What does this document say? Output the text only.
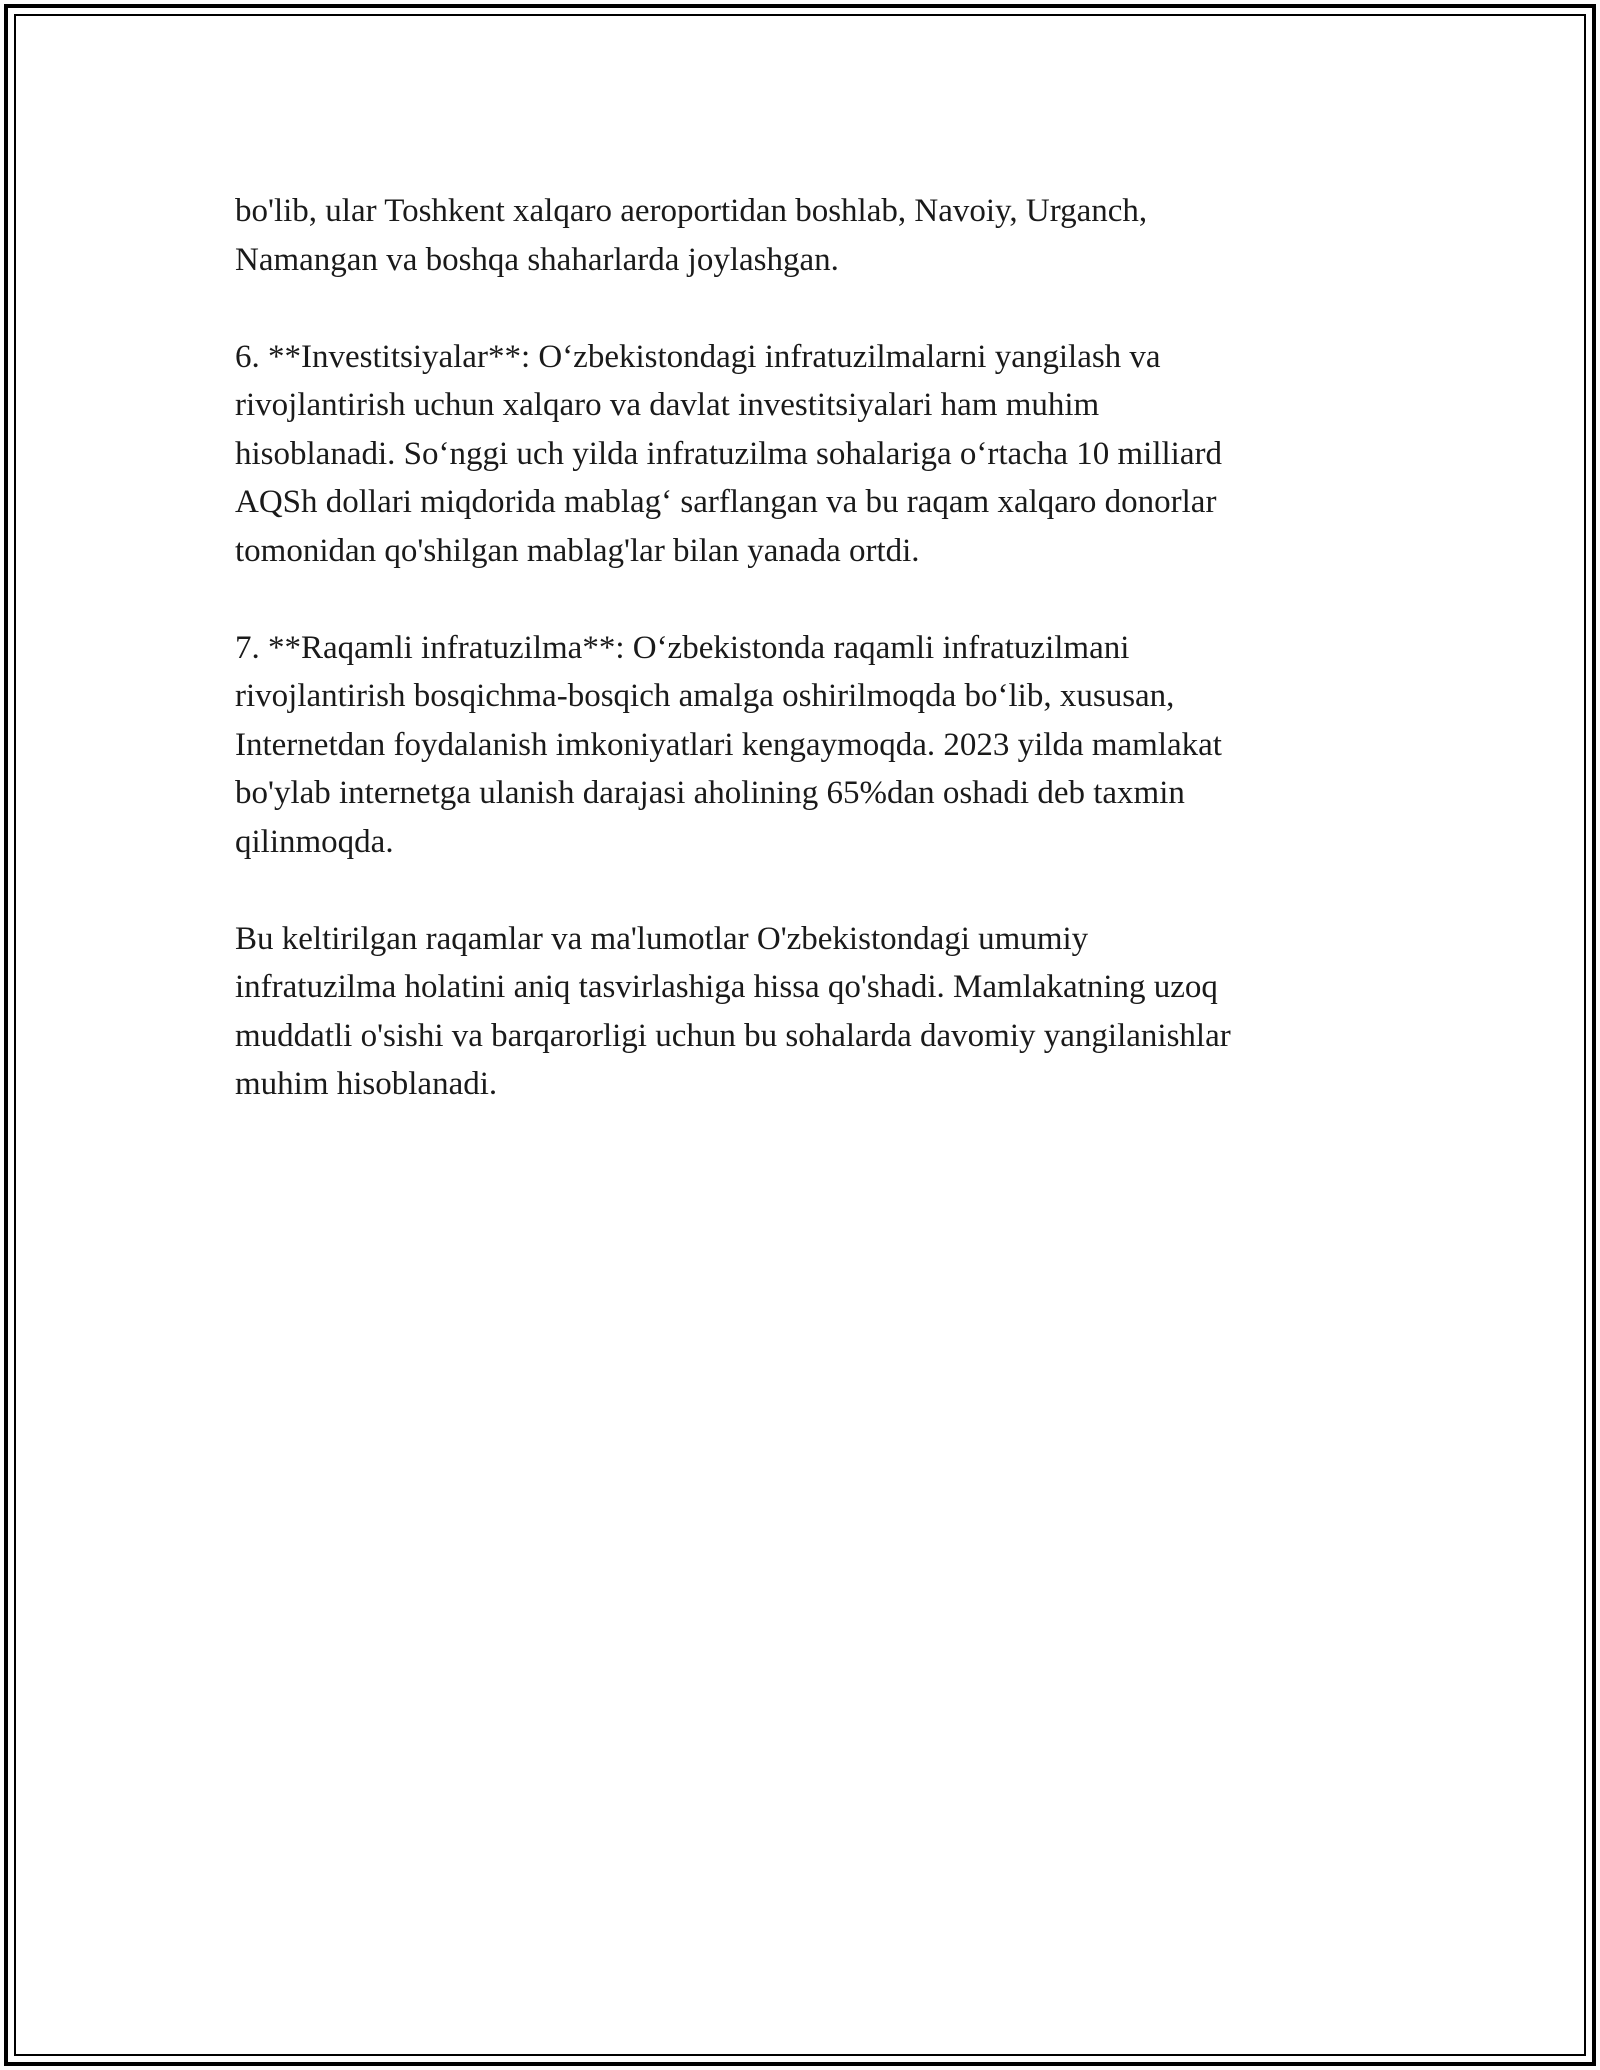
bo'lib, ular Toshkent xalqaro aeroportidan boshlab, Navoiy, Urganch,
Namangan va boshqa shaharlarda joylashgan.

6. **Investitsiyalar**: O‘zbekistondagi infratuzilmalarni yangilash va
rivojlantirish uchun xalqaro va davlat investitsiyalari ham muhim
hisoblanadi. So‘nggi uch yilda infratuzilma sohalariga o‘rtacha 10 milliard
AQSh dollari miqdorida mablag‘ sarflangan va bu raqam xalqaro donorlar
tomonidan qo'shilgan mablag'lar bilan yanada ortdi.

7. **Raqamli infratuzilma**: O‘zbekistonda raqamli infratuzilmani
rivojlantirish bosqichma-bosqich amalga oshirilmoqda bo‘lib, xususan,
Internetdan foydalanish imkoniyatlari kengaymoqda. 2023 yilda mamlakat
bo'ylab internetga ulanish darajasi aholining 65%dan oshadi deb taxmin
qilinmoqda.

Bu keltirilgan raqamlar va ma'lumotlar O'zbekistondagi umumiy
infratuzilma holatini aniq tasvirlashiga hissa qo'shadi. Mamlakatning uzoq
muddatli o'sishi va barqarorligi uchun bu sohalarda davomiy yangilanishlar
muhim hisoblanadi.
